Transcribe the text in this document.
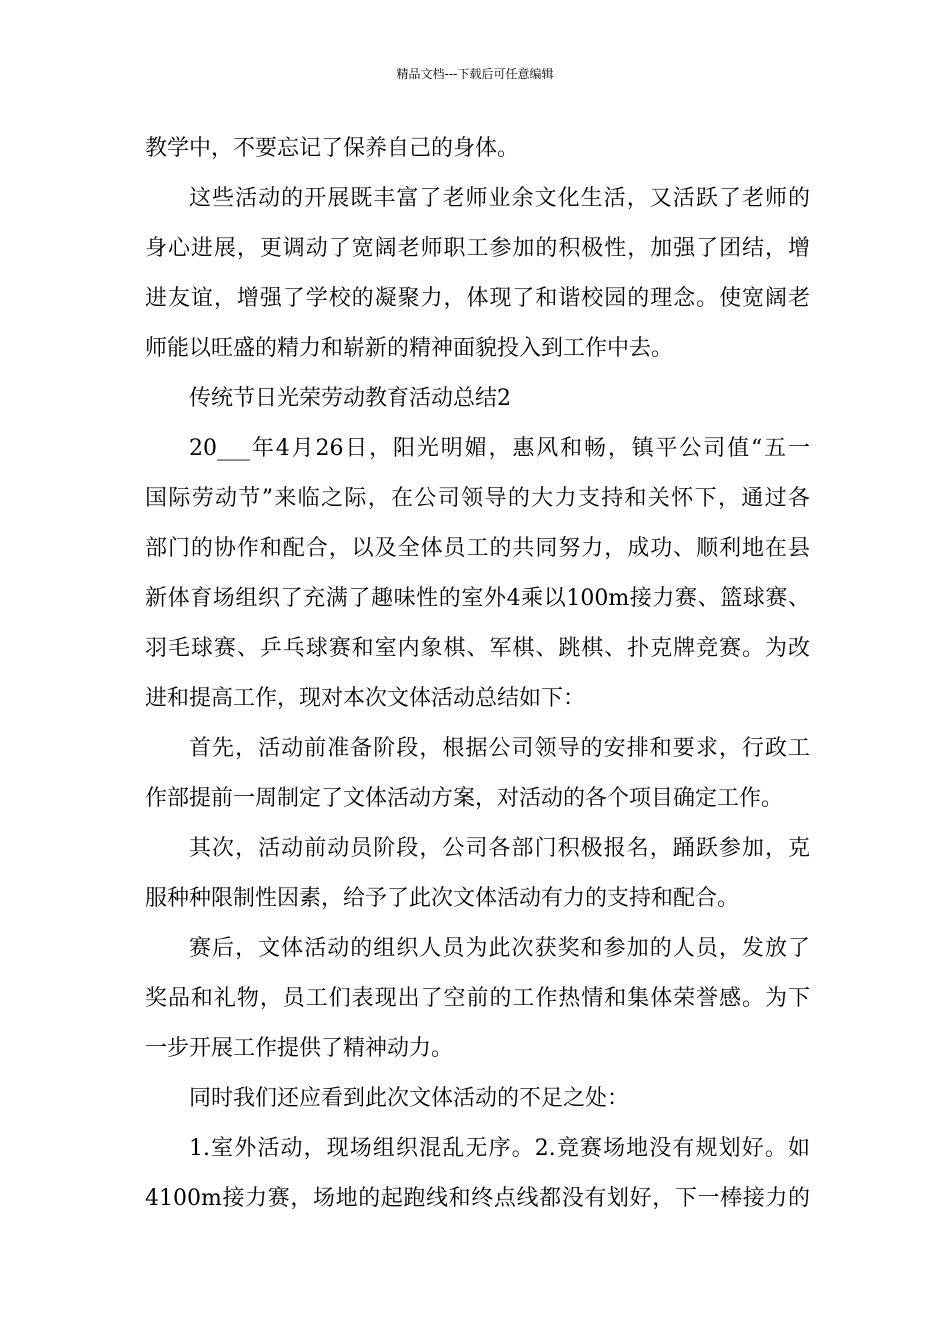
精品文档---下载后可任意编辑
教学中，不要忘记了保养自己的身体。
这些活动的开展既丰富了老师业余文化生活，又活跃了老师的
身心进展，更调动了宽阔老师职工参加的积极性，加强了团结，增
进友谊，增强了学校的凝聚力，体现了和谐校园的理念。使宽阔老
师能以旺盛的精力和崭新的精神面貌投入到工作中去。
传统节日光荣劳动教育活动总结2
20___年4月26日，阳光明媚，惠风和畅，镇平公司值“五一
国际劳动节”来临之际，在公司领导的大力支持和关怀下，通过各
部门的协作和配合，以及全体员工的共同努力，成功、顺利地在县
新体育场组织了充满了趣味性的室外4乘以100m接力赛、篮球赛、
羽毛球赛、乒乓球赛和室内象棋、军棋、跳棋、扑克牌竞赛。为改
进和提高工作，现对本次文体活动总结如下：
首先，活动前准备阶段，根据公司领导的安排和要求，行政工
作部提前一周制定了文体活动方案，对活动的各个项目确定工作。
其次，活动前动员阶段，公司各部门积极报名，踊跃参加，克
服种种限制性因素，给予了此次文体活动有力的支持和配合。
赛后，文体活动的组织人员为此次获奖和参加的人员，发放了
奖品和礼物，员工们表现出了空前的工作热情和集体荣誉感。为下
一步开展工作提供了精神动力。
同时我们还应看到此次文体活动的不足之处：
1.室外活动，现场组织混乱无序。2.竞赛场地没有规划好。如
4100m接力赛，场地的起跑线和终点线都没有划好，下一棒接力的
